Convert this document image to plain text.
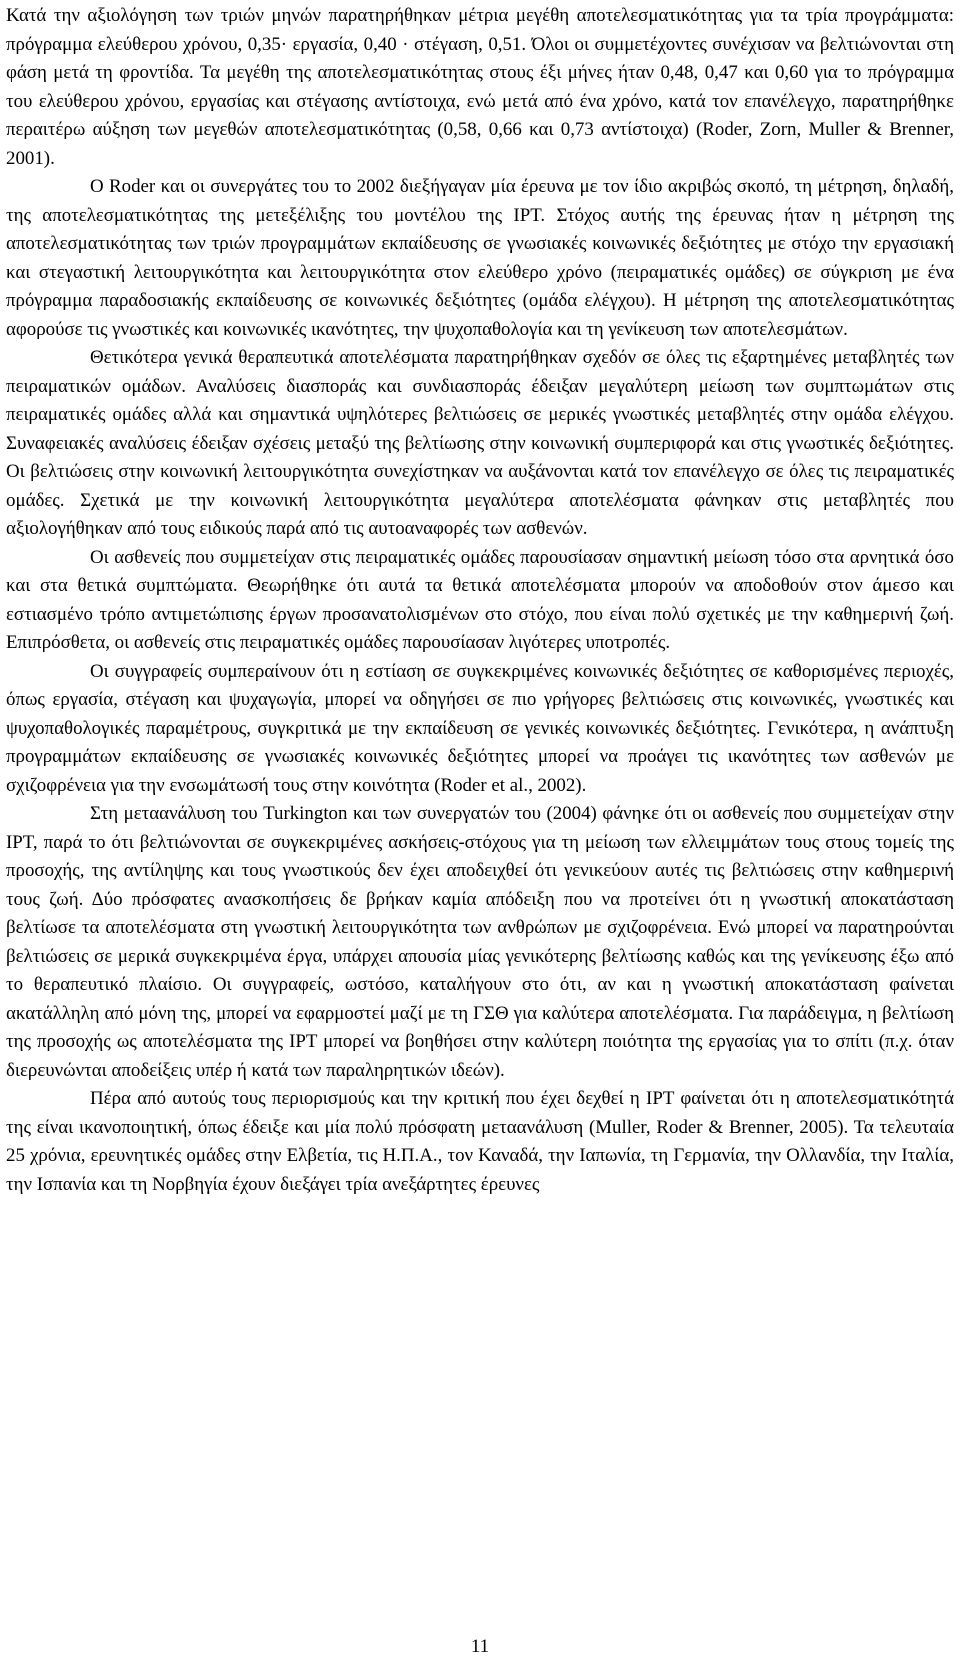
Κατά την αξιολόγηση των τριών μηνών παρατηρήθηκαν μέτρια μεγέθη αποτελεσματικότητας για τα τρία προγράμματα: πρόγραμμα ελεύθερου χρόνου, 0,35· εργασία, 0,40 · στέγαση, 0,51. Όλοι οι συμμετέχοντες συνέχισαν να βελτιώνονται στη φάση μετά τη φροντίδα. Τα μεγέθη της αποτελεσματικότητας στους έξι μήνες ήταν 0,48, 0,47 και 0,60 για το πρόγραμμα του ελεύθερου χρόνου, εργασίας και στέγασης αντίστοιχα, ενώ μετά από ένα χρόνο, κατά τον επανέλεγχο, παρατηρήθηκε περαιτέρω αύξηση των μεγεθών αποτελεσματικότητας (0,58, 0,66 και 0,73 αντίστοιχα) (Roder, Zorn, Muller & Brenner, 2001).

Ο Roder και οι συνεργάτες του το 2002 διεξήγαγαν μία έρευνα με τον ίδιο ακριβώς σκοπό, τη μέτρηση, δηλαδή, της αποτελεσματικότητας της μετεξέλιξης του μοντέλου της IPT. Στόχος αυτής της έρευνας ήταν η μέτρηση της αποτελεσματικότητας των τριών προγραμμάτων εκπαίδευσης σε γνωσιακές κοινωνικές δεξιότητες με στόχο την εργασιακή και στεγαστική λειτουργικότητα και λειτουργικότητα στον ελεύθερο χρόνο (πειραματικές ομάδες) σε σύγκριση με ένα πρόγραμμα παραδοσιακής εκπαίδευσης σε κοινωνικές δεξιότητες (ομάδα ελέγχου). Η μέτρηση της αποτελεσματικότητας αφορούσε τις γνωστικές και κοινωνικές ικανότητες, την ψυχοπαθολογία και τη γενίκευση των αποτελεσμάτων.

Θετικότερα γενικά θεραπευτικά αποτελέσματα παρατηρήθηκαν σχεδόν σε όλες τις εξαρτημένες μεταβλητές των πειραματικών ομάδων. Αναλύσεις διασποράς και συνδιασποράς έδειξαν μεγαλύτερη μείωση των συμπτωμάτων στις πειραματικές ομάδες αλλά και σημαντικά υψηλότερες βελτιώσεις σε μερικές γνωστικές μεταβλητές στην ομάδα ελέγχου. Συναφειακές αναλύσεις έδειξαν σχέσεις μεταξύ της βελτίωσης στην κοινωνική συμπεριφορά και στις γνωστικές δεξιότητες. Οι βελτιώσεις στην κοινωνική λειτουργικότητα συνεχίστηκαν να αυξάνονται κατά τον επανέλεγχο σε όλες τις πειραματικές ομάδες. Σχετικά με την κοινωνική λειτουργικότητα μεγαλύτερα αποτελέσματα φάνηκαν στις μεταβλητές που αξιολογήθηκαν από τους ειδικούς παρά από τις αυτοαναφορές των ασθενών.

Οι ασθενείς που συμμετείχαν στις πειραματικές ομάδες παρουσίασαν σημαντική μείωση τόσο στα αρνητικά όσο και στα θετικά συμπτώματα. Θεωρήθηκε ότι αυτά τα θετικά αποτελέσματα μπορούν να αποδοθούν στον άμεσο και εστιασμένο τρόπο αντιμετώπισης έργων προσανατολισμένων στο στόχο, που είναι πολύ σχετικές με την καθημερινή ζωή. Επιπρόσθετα, οι ασθενείς στις πειραματικές ομάδες παρουσίασαν λιγότερες υποτροπές.

Οι συγγραφείς συμπεραίνουν ότι η εστίαση σε συγκεκριμένες κοινωνικές δεξιότητες σε καθορισμένες περιοχές, όπως εργασία, στέγαση και ψυχαγωγία, μπορεί να οδηγήσει σε πιο γρήγορες βελτιώσεις στις κοινωνικές, γνωστικές και ψυχοπαθολογικές παραμέτρους, συγκριτικά με την εκπαίδευση σε γενικές κοινωνικές δεξιότητες. Γενικότερα, η ανάπτυξη προγραμμάτων εκπαίδευσης σε γνωσιακές κοινωνικές δεξιότητες μπορεί να προάγει τις ικανότητες των ασθενών με σχιζοφρένεια για την ενσωμάτωσή τους στην κοινότητα (Roder et al., 2002).

Στη μεταανάλυση του Turkington και των συνεργατών του (2004) φάνηκε ότι οι ασθενείς που συμμετείχαν στην IPT, παρά το ότι βελτιώνονται σε συγκεκριμένες ασκήσεις-στόχους για τη μείωση των ελλειμμάτων τους στους τομείς της προσοχής, της αντίληψης και τους γνωστικούς δεν έχει αποδειχθεί ότι γενικεύουν αυτές τις βελτιώσεις στην καθημερινή τους ζωή. Δύο πρόσφατες ανασκοπήσεις δε βρήκαν καμία απόδειξη που να προτείνει ότι η γνωστική αποκατάσταση βελτίωσε τα αποτελέσματα στη γνωστική λειτουργικότητα των ανθρώπων με σχιζοφρένεια. Ενώ μπορεί να παρατηρούνται βελτιώσεις σε μερικά συγκεκριμένα έργα, υπάρχει απουσία μίας γενικότερης βελτίωσης καθώς και της γενίκευσης έξω από το θεραπευτικό πλαίσιο. Οι συγγραφείς, ωστόσο, καταλήγουν στο ότι, αν και η γνωστική αποκατάσταση φαίνεται ακατάλληλη από μόνη της, μπορεί να εφαρμοστεί μαζί με τη ΓΣΘ για καλύτερα αποτελέσματα. Για παράδειγμα, η βελτίωση της προσοχής ως αποτελέσματα της IPT μπορεί να βοηθήσει στην καλύτερη ποιότητα της εργασίας για το σπίτι (π.χ. όταν διερευνώνται αποδείξεις υπέρ ή κατά των παραληρητικών ιδεών).

Πέρα από αυτούς τους περιορισμούς και την κριτική που έχει δεχθεί η IPT φαίνεται ότι η αποτελεσματικότητά της είναι ικανοποιητική, όπως έδειξε και μία πολύ πρόσφατη μεταανάλυση (Muller, Roder & Brenner, 2005). Τα τελευταία 25 χρόνια, ερευνητικές ομάδες στην Ελβετία, τις Η.Π.Α., τον Καναδά, την Ιαπωνία, τη Γερμανία, την Ολλανδία, την Ιταλία, την Ισπανία και τη Νορβηγία έχουν διεξάγει τρία ανεξάρτητες έρευνες

11
